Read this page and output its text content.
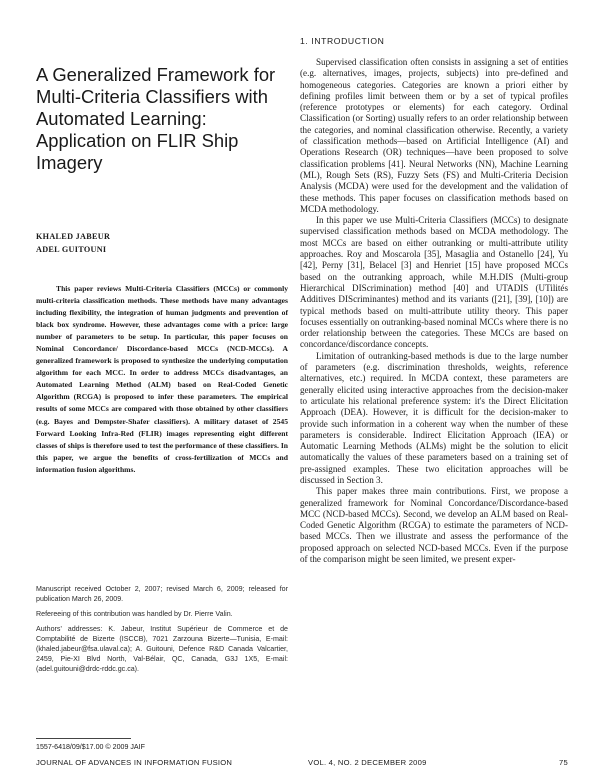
A Generalized Framework for Multi-Criteria Classifiers with Automated Learning: Application on FLIR Ship Imagery
KHALED JABEUR
ADEL GUITOUNI
This paper reviews Multi-Criteria Classifiers (MCCs) or commonly multi-criteria classification methods. These methods have many advantages including flexibility, the integration of human judgments and prevention of black box syndrome. However, these advantages come with a price: large number of parameters to be setup. In particular, this paper focuses on Nominal Concordance/ Discordance-based MCCs (NCD-MCCs). A generalized framework is proposed to synthesize the underlying computation algorithm for each MCC. In order to address MCCs disadvantages, an Automated Learning Method (ALM) based on Real-Coded Genetic Algorithm (RCGA) is proposed to infer these parameters. The empirical results of some MCCs are compared with those obtained by other classifiers (e.g. Bayes and Dempster-Shafer classifiers). A military dataset of 2545 Forward Looking Infra-Red (FLIR) images representing eight different classes of ships is therefore used to test the performance of these classifiers. In this paper, we argue the benefits of cross-fertilization of MCCs and information fusion algorithms.

Manuscript received October 2, 2007; revised March 6, 2009; released for publication March 26, 2009.

Refereeing of this contribution was handled by Dr. Pierre Valin.

Authors' addresses: K. Jabeur, Institut Supérieur de Commerce et de Comptabilité de Bizerte (ISCCB), 7021 Zarzouna Bizerte—Tunisia, E-mail: (khaled.jabeur@fsa.ulaval.ca); A. Guitouni, Defence R&D Canada Valcartier, 2459, Pie-XI Blvd North, Val-Bélair, QC, Canada, G3J 1X5, E-mail: (adel.guitouni@drdc-rddc.gc.ca).

1557-6418/09/$17.00 © 2009 JAIF
1. INTRODUCTION

Supervised classification often consists in assigning a set of entities (e.g. alternatives, images, projects, subjects) into pre-defined and homogeneous categories. Categories are known a priori either by defining profiles limit between them or by a set of typical profiles (reference prototypes or elements) for each category. Ordinal Classification (or Sorting) usually refers to an order relationship between the categories, and nominal classification otherwise. Recently, a variety of classification methods—based on Artificial Intelligence (AI) and Operations Research (OR) techniques—have been proposed to solve classification problems [41]. Neural Networks (NN), Machine Learning (ML), Rough Sets (RS), Fuzzy Sets (FS) and Multi-Criteria Decision Analysis (MCDA) were used for the development and the validation of these methods. This paper focuses on classification methods based on MCDA methodology.

In this paper we use Multi-Criteria Classifiers (MCCs) to designate supervised classification methods based on MCDA methodology. The most MCCs are based on either outranking or multi-attribute utility approaches. Roy and Moscarola [35], Masaglia and Ostanello [24], Yu [42], Perny [31], Belacel [3] and Henriet [15] have proposed MCCs based on the outranking approach, while M.H.DIS (Multi-group Hierarchical DIScrimination) method [40] and UTADIS (UTilités Additives DIScriminantes) method and its variants ([21], [39], [10]) are typical methods based on multi-attribute utility theory. This paper focuses essentially on outranking-based nominal MCCs where there is no order relationship between the categories. These MCCs are based on concordance/discordance concepts.

Limitation of outranking-based methods is due to the large number of parameters (e.g. discrimination thresholds, weights, reference alternatives, etc.) required. In MCDA context, these parameters are generally elicited using interactive approaches from the decision-maker to articulate his relational preference system: it's the Direct Elicitation Approach (DEA). However, it is difficult for the decision-maker to provide such information in a coherent way when the number of these parameters is considerable. Indirect Elicitation Approach (IEA) or Automatic Learning Methods (ALMs) might be the solution to elicit automatically the values of these parameters based on a training set of pre-assigned examples. These two elicitation approaches will be discussed in Section 3.

This paper makes three main contributions. First, we propose a generalized framework for Nominal Concordance/Discordance-based MCC (NCD-based MCCs). Second, we develop an ALM based on Real-Coded Genetic Algorithm (RCGA) to estimate the parameters of NCD-based MCCs. Then we illustrate and assess the performance of the proposed approach on selected NCD-based MCCs. Even if the purpose of the comparison might be seen limited, we present exper-

JOURNAL OF ADVANCES IN INFORMATION FUSION	VOL. 4, NO. 2 DECEMBER 2009	75
